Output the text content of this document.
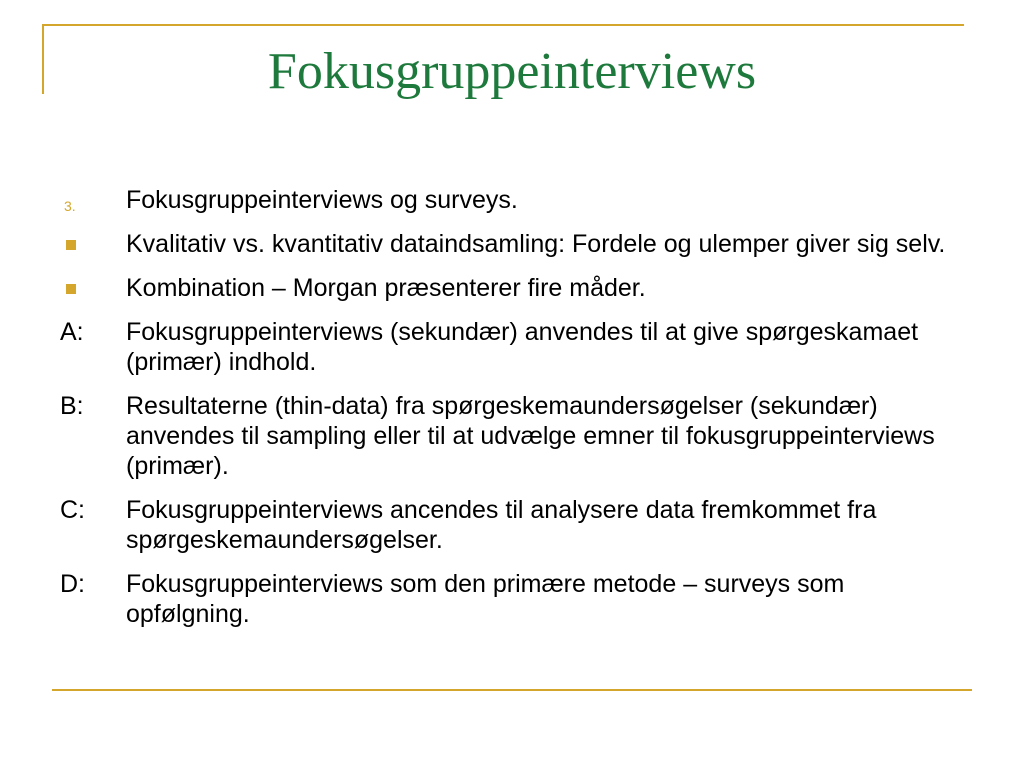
Fokusgruppeinterviews
3.	Fokusgruppeinterviews og surveys.
Kvalitativ vs. kvantitativ dataindsamling: Fordele og ulemper giver sig selv.
Kombination – Morgan præsenterer fire måder.
A:	Fokusgruppeinterviews (sekundær) anvendes til at give spørgeskamaet (primær) indhold.
B:	Resultaterne (thin-data) fra spørgeskemaundersøgelser (sekundær) anvendes til sampling eller til at udvælge emner til fokusgruppeinterviews (primær).
C:	Fokusgruppeinterviews ancendes til analysere data fremkommet fra spørgeskemaundersøgelser.
D:	Fokusgruppeinterviews som den primære metode – surveys som opfølgning.
